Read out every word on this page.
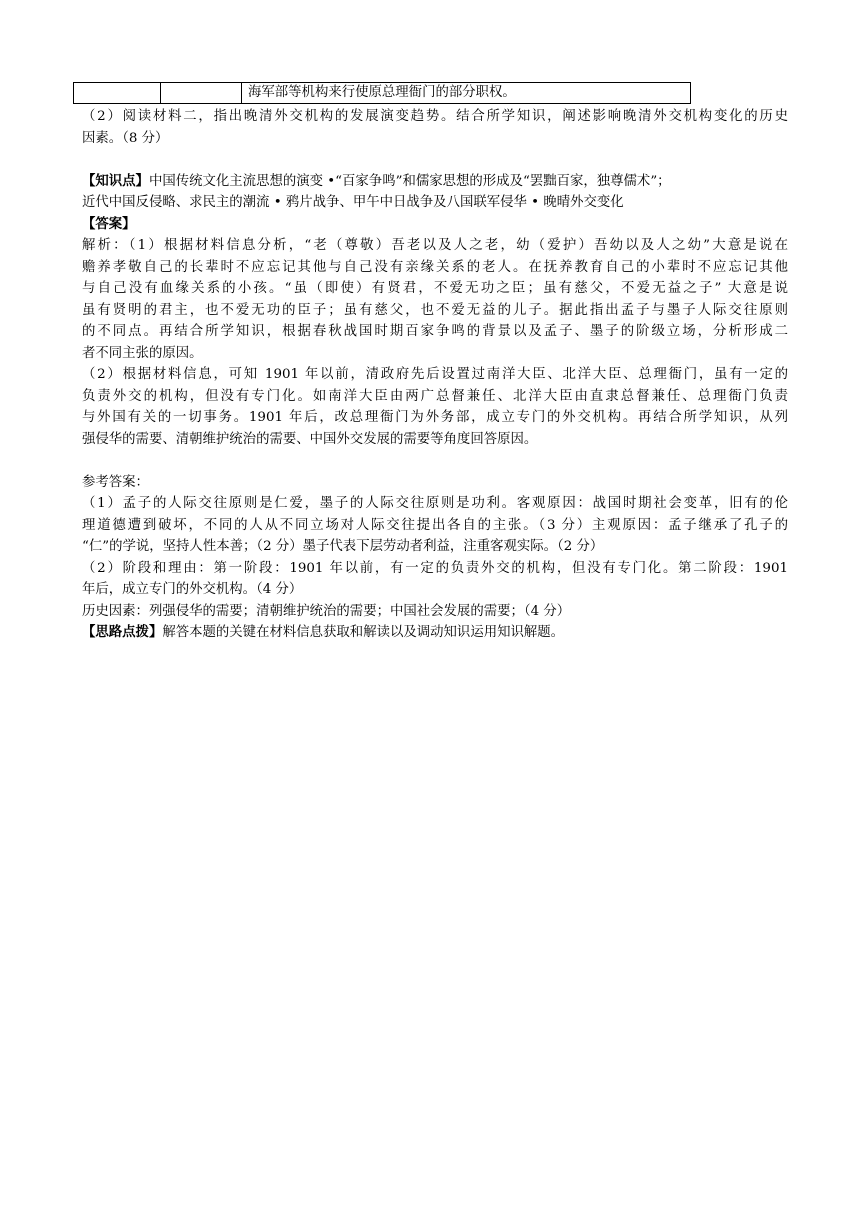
		海军部等机构来行使原总理衙门的部分职权。
（2）阅读材料二，指出晚清外交机构的发展演变趋势。结合所学知识，阐述影响晚清外交机构变化的历史
因素。（8 分）
【知识点】中国传统文化主流思想的演变 •“百家争鸣”和儒家思想的形成及“罢黜百家，独尊儒术”；
近代中国反侵略、求民主的潮流 • 鸦片战争、甲午中日战争及八国联军侵华 • 晚晴外交变化
【答案】
解析：（1）根据材料信息分析，“老（尊敬）吾老以及人之老，幼（爱护）吾幼以及人之幼”大意是说在
赡养孝敬自己的长辈时不应忘记其他与自己没有亲缘关系的老人。在抚养教育自己的小辈时不应忘记其他
与自己没有血缘关系的小孩。“虽（即使）有贤君，不爱无功之臣；虽有慈父，不爱无益之子” 大意是说
虽有贤明的君主，也不爱无功的臣子；虽有慈父，也不爱无益的儿子。据此指出孟子与墨子人际交往原则
的不同点。再结合所学知识，根据春秋战国时期百家争鸣的背景以及孟子、墨子的阶级立场，分析形成二
者不同主张的原因。
（2）根据材料信息，可知 1901 年以前，清政府先后设置过南洋大臣、北洋大臣、总理衙门，虽有一定的
负责外交的机构，但没有专门化。如南洋大臣由两广总督兼任、北洋大臣由直隶总督兼任、总理衙门负责
与外国有关的一切事务。1901 年后，改总理衙门为外务部，成立专门的外交机构。再结合所学知识，从列
强侵华的需要、清朝维护统治的需要、中国外交发展的需要等角度回答原因。
参考答案：
（1）孟子的人际交往原则是仁爱，墨子的人际交往原则是功利。客观原因：战国时期社会变革，旧有的伦
理道德遭到破坏，不同的人从不同立场对人际交往提出各自的主张。（3 分）主观原因：孟子继承了孔子的
“仁”的学说，坚持人性本善；（2 分）墨子代表下层劳动者利益，注重客观实际。（2 分）
（2）阶段和理由：第一阶段：1901 年以前，有一定的负责外交的机构，但没有专门化。第二阶段：1901
年后，成立专门的外交机构。（4 分）
历史因素：列强侵华的需要；清朝维护统治的需要；中国社会发展的需要；（4 分）
【思路点拨】解答本题的关键在材料信息获取和解读以及调动知识运用知识解题。
